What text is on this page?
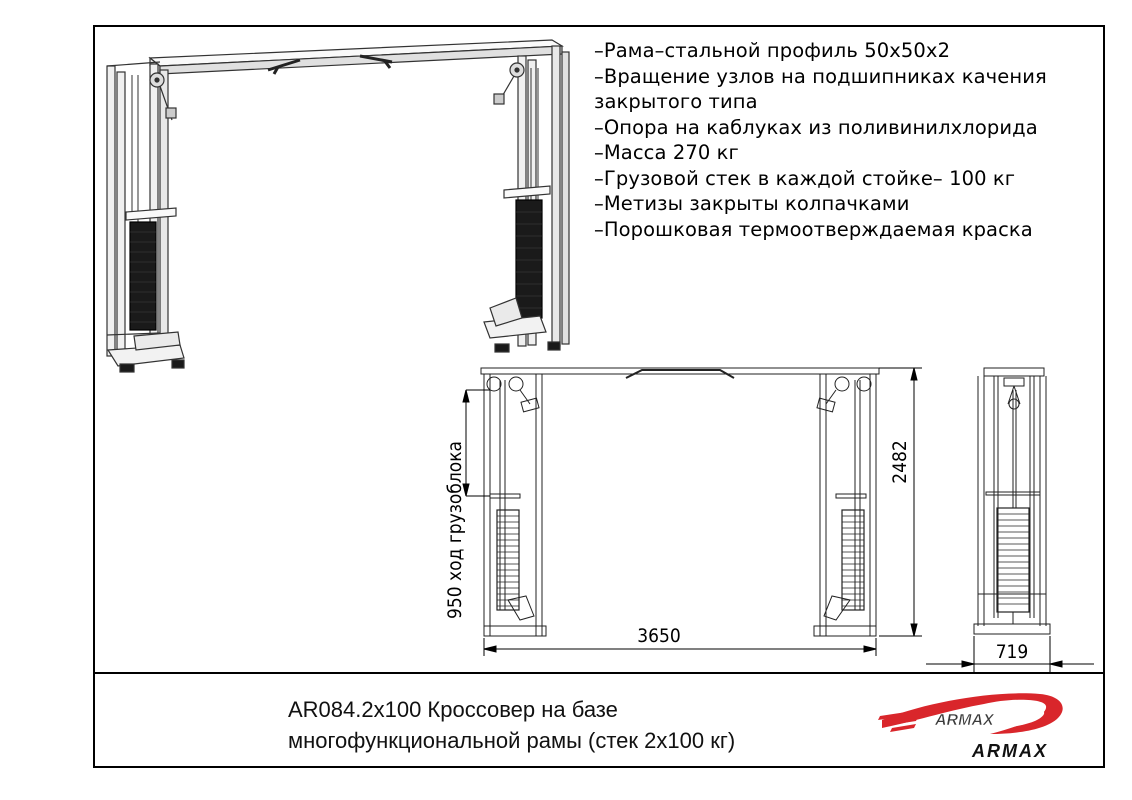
–Рама–стальной профиль 50х50х2
–Вращение узлов на подшипниках качения
закрытого типа
–Опора на каблуках из поливинилхлорида
–Масса 270 кг
–Грузовой стек в каждой стойке– 100 кг
–Метизы закрыты колпачками
–Порошковая термоотверждаемая краска
AR084.2х100 Кроссовер на базе
многофункциональной рамы (стек 2х100 кг)
2482
950 ход грузоблока
3650
719
ARMAX
ARMAX
